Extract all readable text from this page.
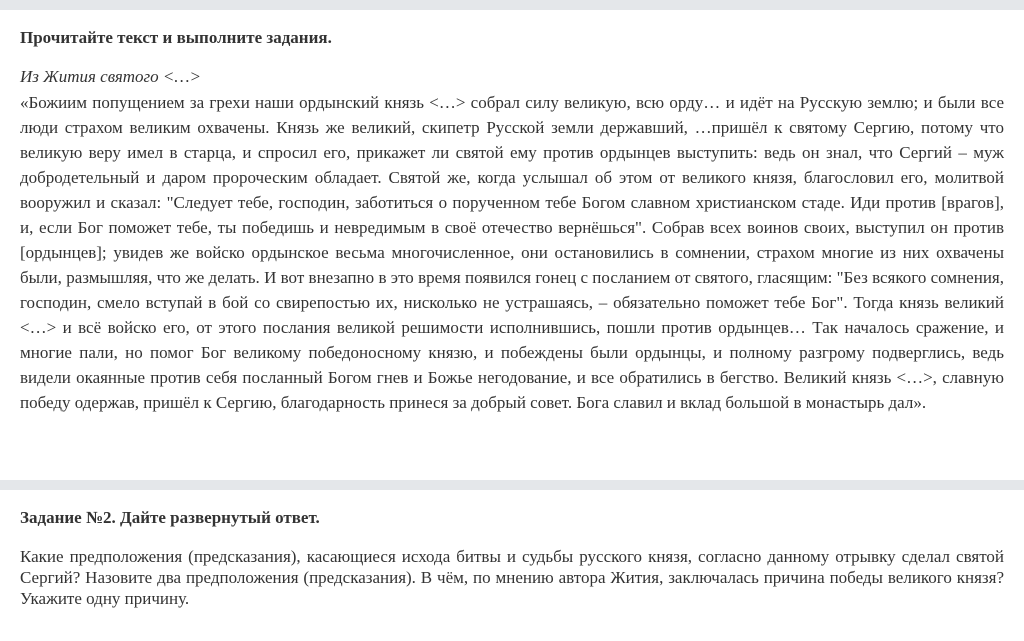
Прочитайте текст и выполните задания.

Из Жития святого <…>

«Божиим попущением за грехи наши ордынский князь <…> собрал силу великую, всю орду… и идёт на Русскую землю; и были все люди страхом великим охвачены. Князь же великий, скипетр Русской земли державший, …пришёл к святому Сергию, потому что великую веру имел в старца, и спросил его, прикажет ли святой ему против ордынцев выступить: ведь он знал, что Сергий – муж добродетельный и даром пророческим обладает. Святой же, когда услышал об этом от великого князя, благословил его, молитвой вооружил и сказал: "Следует тебе, господин, заботиться о порученном тебе Богом славном христианском стаде. Иди против [врагов], и, если Бог поможет тебе, ты победишь и невредимым в своё отечество вернёшься". Собрав всех воинов своих, выступил он против [ордынцев]; увидев же войско ордынское весьма многочисленное, они остановились в сомнении, страхом многие из них охвачены были, размышляя, что же делать. И вот внезапно в это время появился гонец с посланием от святого, гласящим: "Без всякого сомнения, господин, смело вступай в бой со свирепостью их, нисколько не устрашаясь, – обязательно поможет тебе Бог". Тогда князь великий <…> и всё войско его, от этого послания великой решимости исполнившись, пошли против ордынцев… Так началось сражение, и многие пали, но помог Бог великому победоносному князю, и побеждены были ордынцы, и полному разгрому подверглись, ведь видели окаянные против себя посланный Богом гнев и Божье негодование, и все обратились в бегство. Великий князь <…>, славную победу одержав, пришёл к Сергию, благодарность принеся за добрый совет. Бога славил и вклад большой в монастырь дал».

Задание №2. Дайте развернутый ответ.

Какие предположения (предсказания), касающиеся исхода битвы и судьбы русского князя, согласно данному отрывку сделал святой Сергий? Назовите два предположения (предсказания). В чём, по мнению автора Жития, заключалась причина победы великого князя? Укажите одну причину.
